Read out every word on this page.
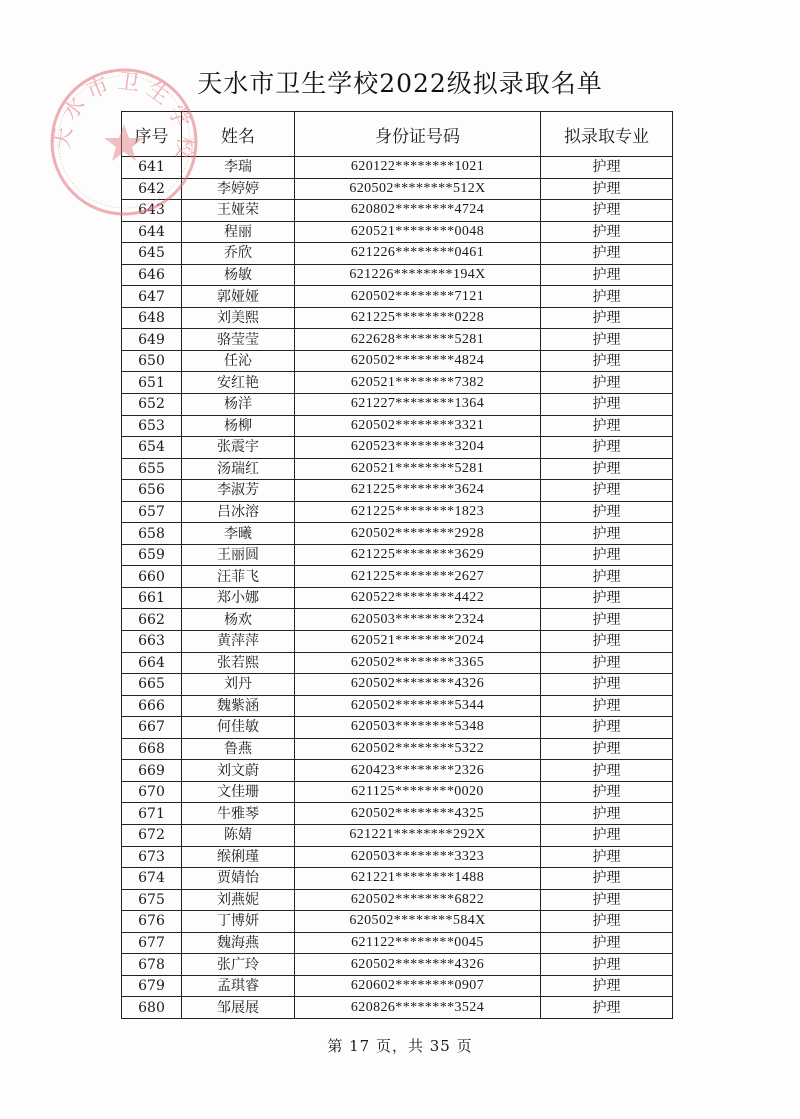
天水市卫生学校2022级拟录取名单
序号	姓名	身份证号码	拟录取专业
641	李瑞	620122********1021	护理
642	李婷婷	620502********512X	护理
643	王娅荣	620802********4724	护理
644	程丽	620521********0048	护理
645	乔欣	621226********0461	护理
646	杨敏	621226********194X	护理
647	郭娅娅	620502********7121	护理
648	刘美熙	621225********0228	护理
649	骆莹莹	622628********5281	护理
650	任沁	620502********4824	护理
651	安红艳	620521********7382	护理
652	杨洋	621227********1364	护理
653	杨柳	620502********3321	护理
654	张震宇	620523********3204	护理
655	汤瑞红	620521********5281	护理
656	李淑芳	621225********3624	护理
657	吕冰溶	621225********1823	护理
658	李曦	620502********2928	护理
659	王丽圆	621225********3629	护理
660	汪菲飞	621225********2627	护理
661	郑小娜	620522********4422	护理
662	杨欢	620503********2324	护理
663	黄萍萍	620521********2024	护理
664	张若熙	620502********3365	护理
665	刘丹	620502********4326	护理
666	魏紫涵	620502********5344	护理
667	何佳敏	620503********5348	护理
668	鲁燕	620502********5322	护理
669	刘文蔚	620423********2326	护理
670	文佳珊	621125********0020	护理
671	牛雅琴	620502********4325	护理
672	陈婧	621221********292X	护理
673	缑俐瑾	620503********3323	护理
674	贾婧怡	621221********1488	护理
675	刘燕妮	620502********6822	护理
676	丁博妍	620502********584X	护理
677	魏海燕	621122********0045	护理
678	张广玲	620502********4326	护理
679	孟琪睿	620602********0907	护理
680	邹展展	620826********3524	护理
天水市卫生学校
第 17 页，共 35 页
